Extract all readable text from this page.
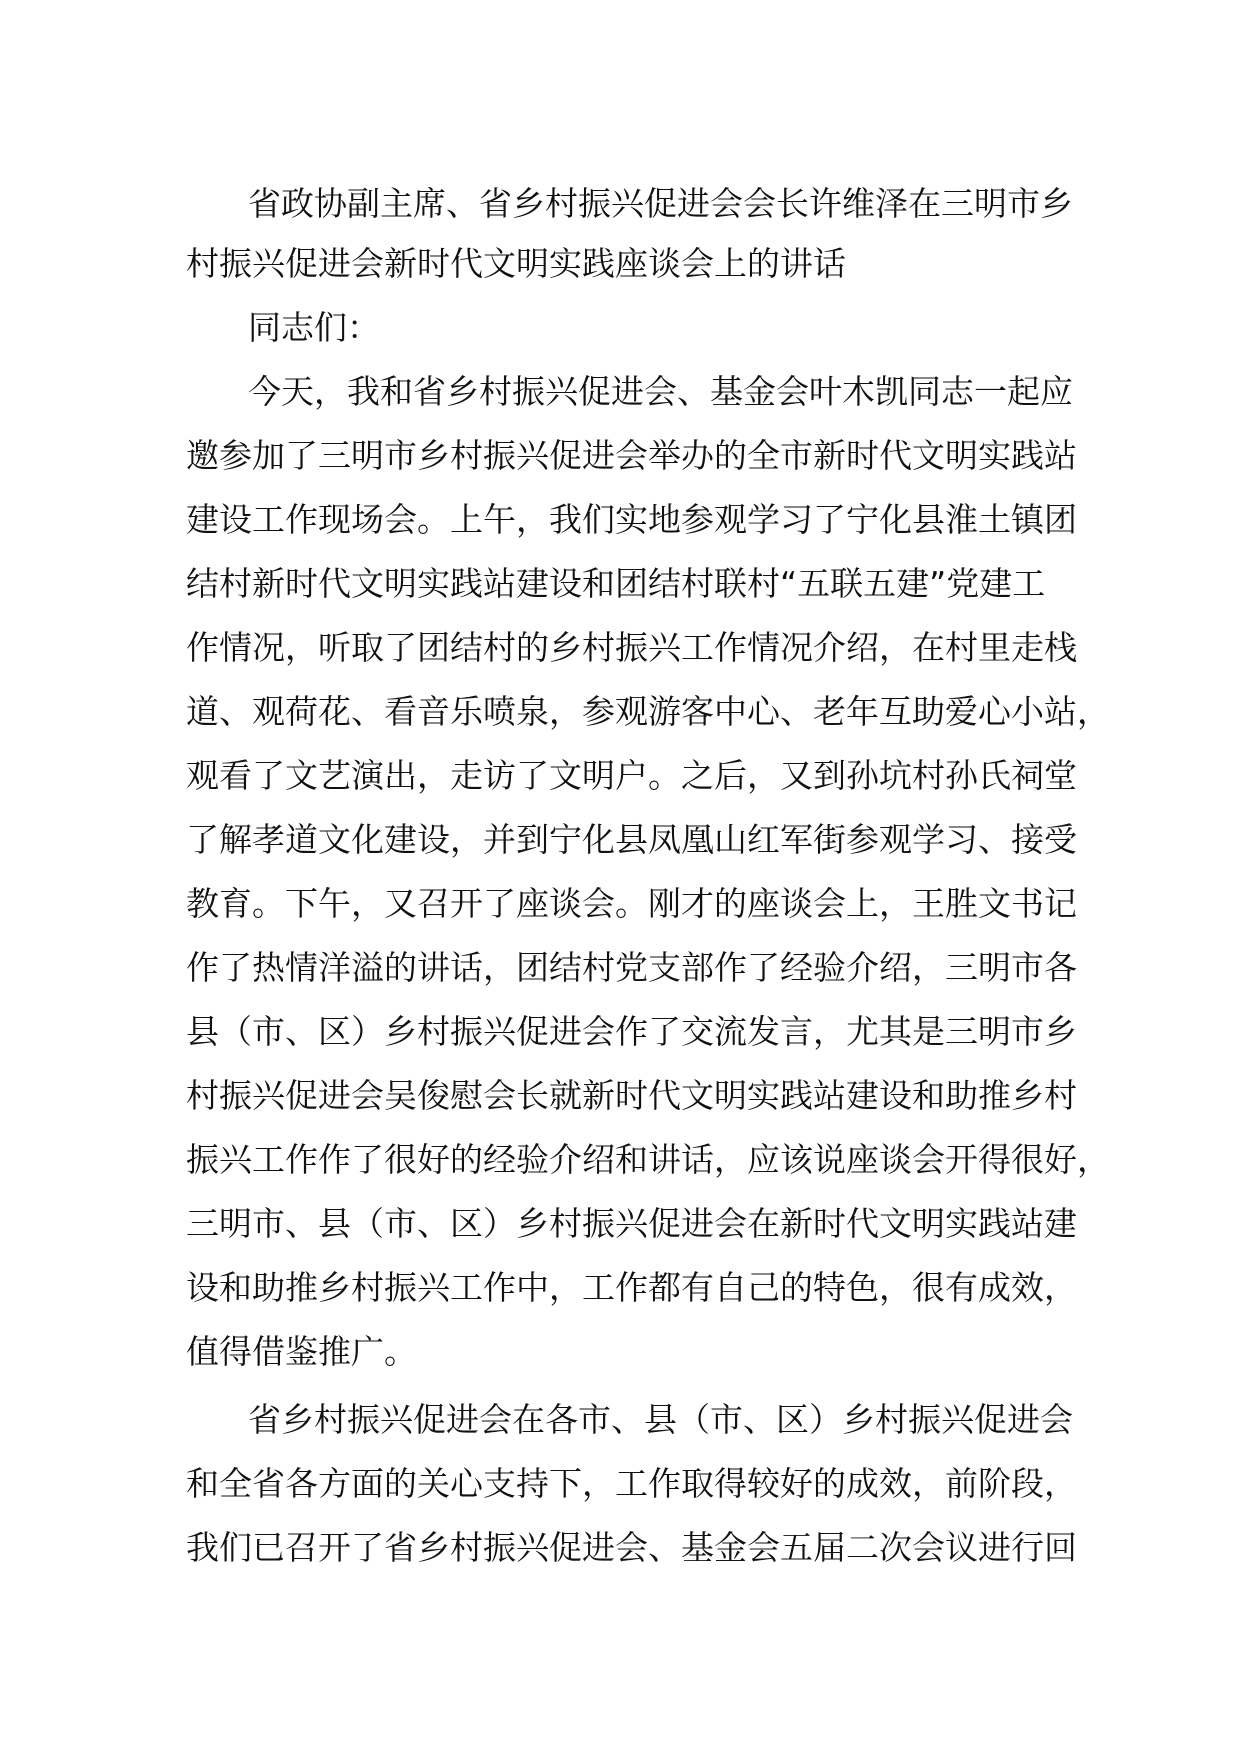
省政协副主席、省乡村振兴促进会会长许维泽在三明市乡

村振兴促进会新时代文明实践座谈会上的讲话

同志们：

今天，我和省乡村振兴促进会、基金会叶木凯同志一起应

邀参加了三明市乡村振兴促进会举办的全市新时代文明实践站

建设工作现场会。上午，我们实地参观学习了宁化县淮土镇团

结村新时代文明实践站建设和团结村联村“五联五建”党建工

作情况，听取了团结村的乡村振兴工作情况介绍，在村里走栈

道、观荷花、看音乐喷泉，参观游客中心、老年互助爱心小站，

观看了文艺演出，走访了文明户。之后，又到孙坑村孙氏祠堂

了解孝道文化建设，并到宁化县凤凰山红军街参观学习、接受

教育。下午，又召开了座谈会。刚才的座谈会上，王胜文书记

作了热情洋溢的讲话，团结村党支部作了经验介绍，三明市各

县（市、区）乡村振兴促进会作了交流发言，尤其是三明市乡

村振兴促进会吴俊慰会长就新时代文明实践站建设和助推乡村

振兴工作作了很好的经验介绍和讲话，应该说座谈会开得很好，

三明市、县（市、区）乡村振兴促进会在新时代文明实践站建

设和助推乡村振兴工作中，工作都有自己的特色，很有成效，

值得借鉴推广。

省乡村振兴促进会在各市、县（市、区）乡村振兴促进会

和全省各方面的关心支持下，工作取得较好的成效，前阶段，

我们已召开了省乡村振兴促进会、基金会五届二次会议进行回
